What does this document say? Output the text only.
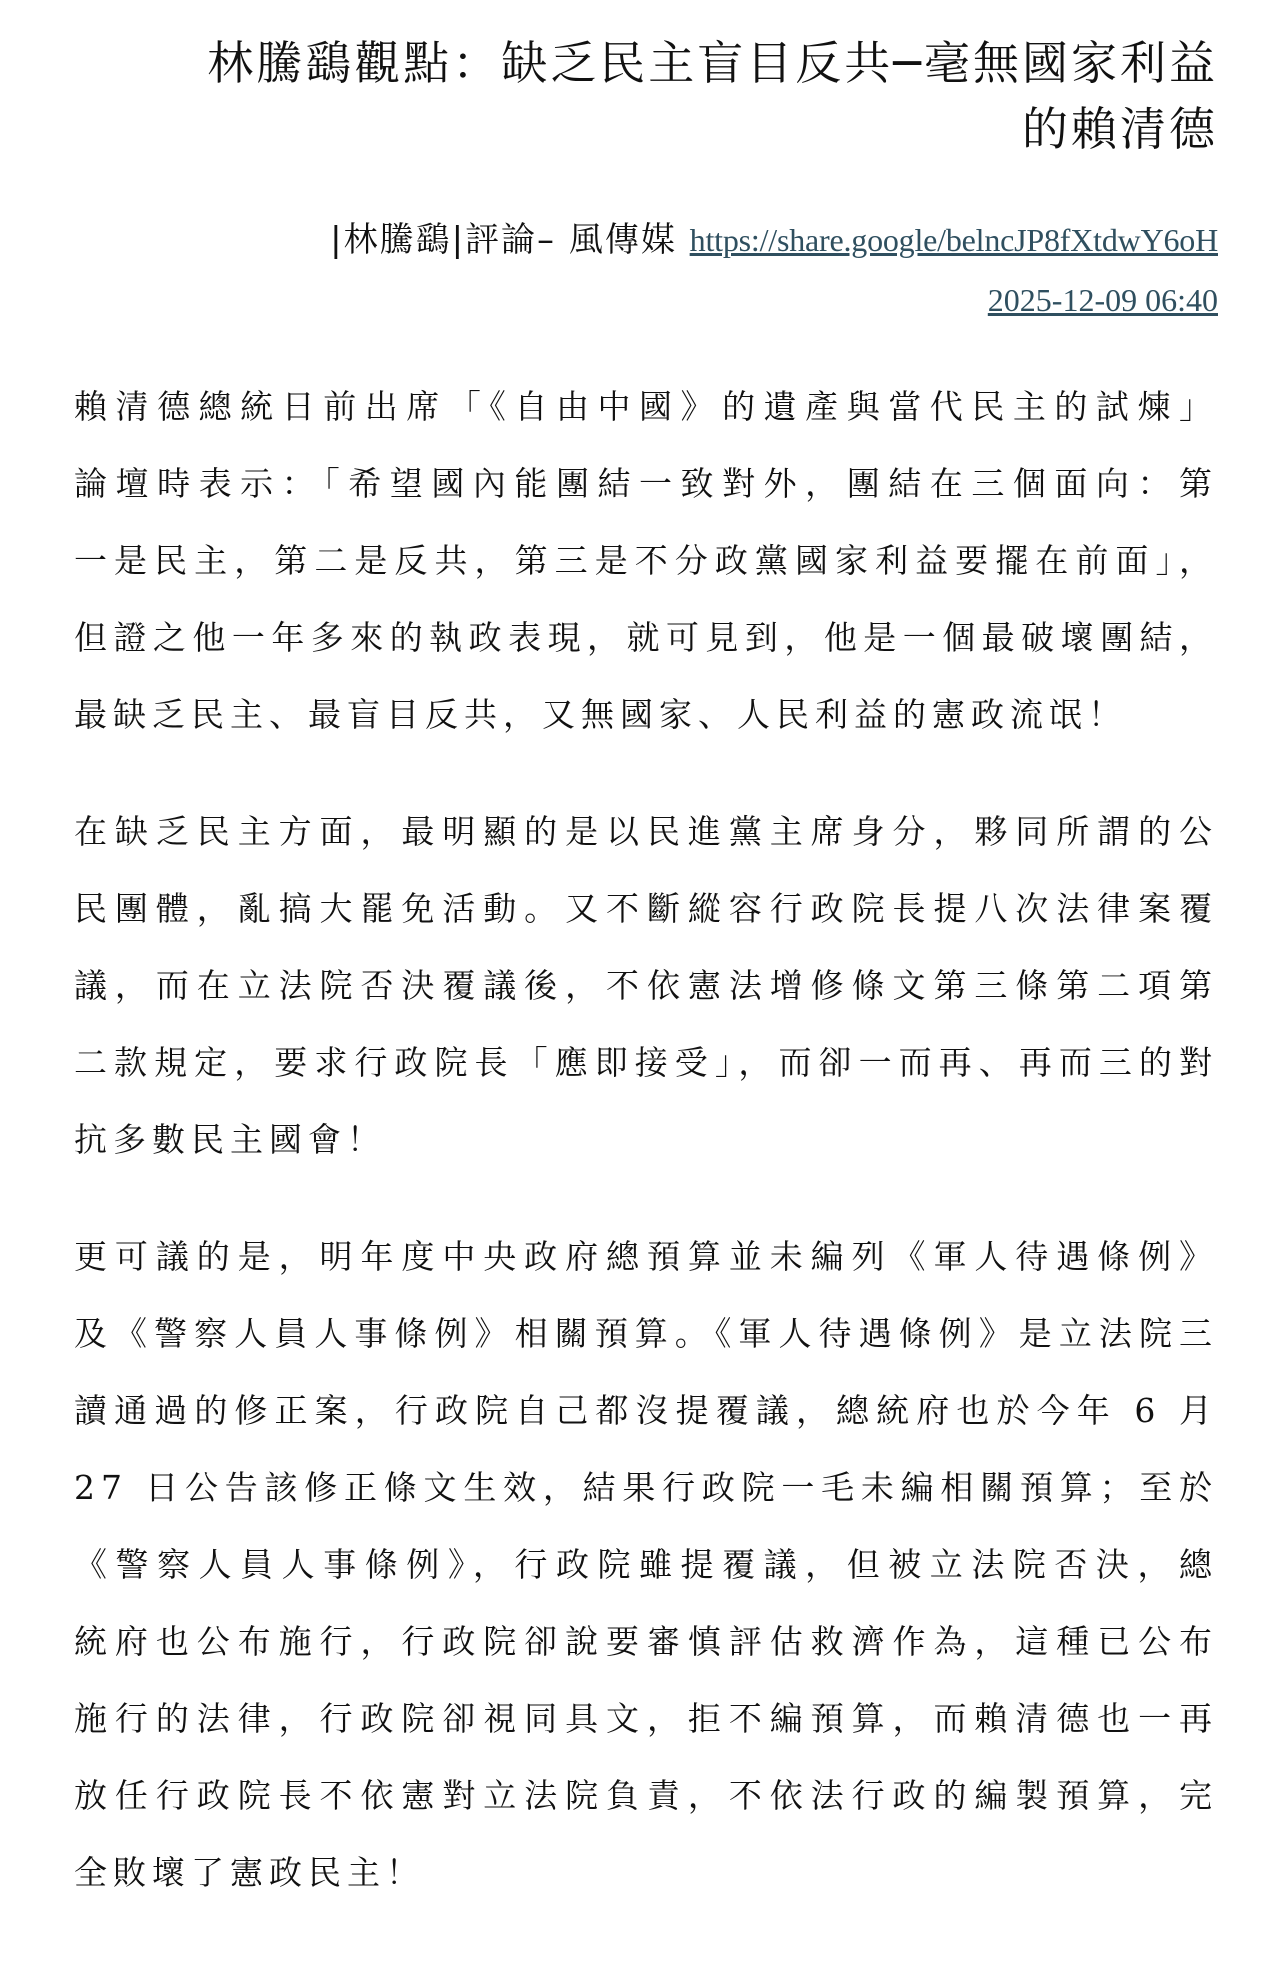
林騰鷂觀點：缺乏民主盲目反共─毫無國家利益
的賴清德
|林騰鷂|評論– 風傳媒 https://share.google/belncJP8fXtdwY6oH
2025-12-09 06:40

賴清德總統日前出席「《自由中國》的遺產與當代民主的試煉」
論壇時表示：「希望國內能團結一致對外，團結在三個面向：第
一是民主，第二是反共，第三是不分政黨國家利益要擺在前面」，
但證之他一年多來的執政表現，就可見到，他是一個最破壞團結，
最缺乏民主、最盲目反共，又無國家、人民利益的憲政流氓！

在缺乏民主方面，最明顯的是以民進黨主席身分，夥同所謂的公
民團體，亂搞大罷免活動。又不斷縱容行政院長提八次法律案覆
議，而在立法院否決覆議後，不依憲法增修條文第三條第二項第
二款規定，要求行政院長「應即接受」，而卻一而再、再而三的對
抗多數民主國會！

更可議的是，明年度中央政府總預算並未編列《軍人待遇條例》
及《警察人員人事條例》相關預算。《軍人待遇條例》是立法院三
讀通過的修正案，行政院自己都沒提覆議，總統府也於今年 6 月
27 日公告該修正條文生效，結果行政院一毛未編相關預算；至於
《警察人員人事條例》，行政院雖提覆議，但被立法院否決，總
統府也公布施行，行政院卻說要審慎評估救濟作為，這種已公布
施行的法律，行政院卻視同具文，拒不編預算，而賴清德也一再
放任行政院長不依憲對立法院負責，不依法行政的編製預算，完
全敗壞了憲政民主！
